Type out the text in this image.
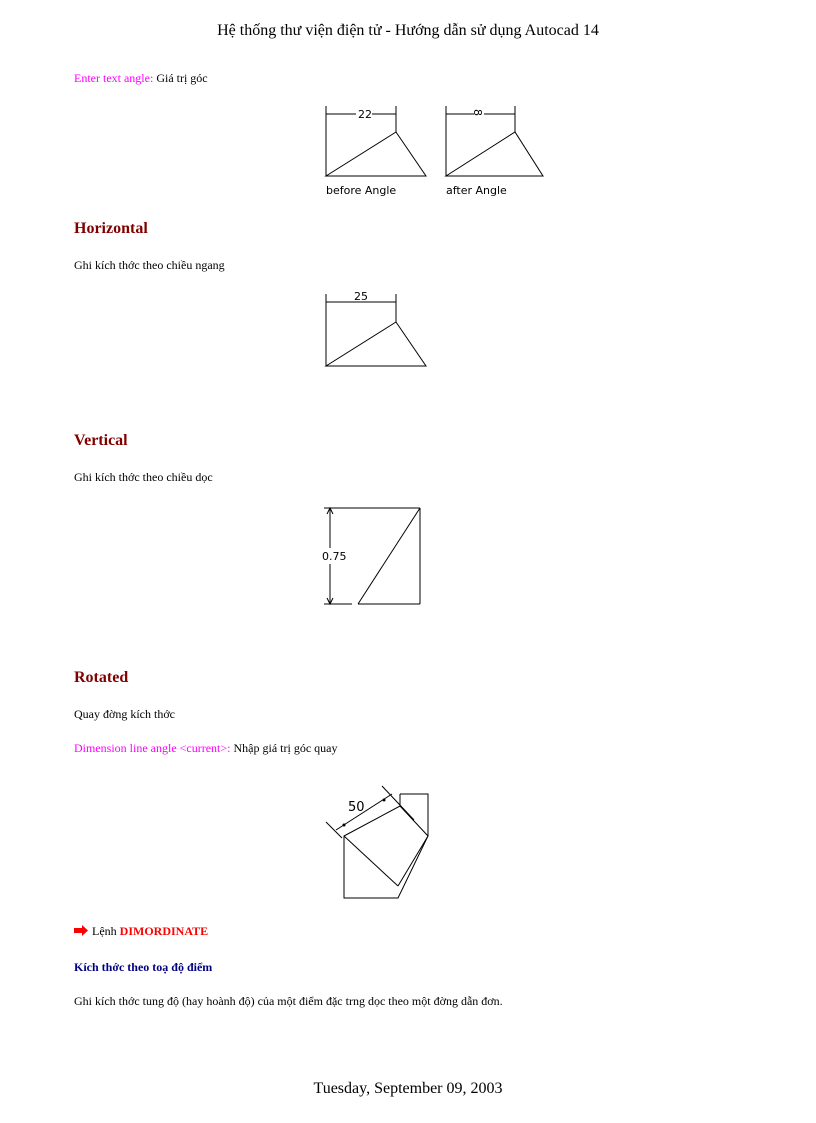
Hệ thống thư viện điện tử - Hướng dẫn sử dụng Autocad 14
Enter text angle: Giá trị góc
22
before Angle
8
after Angle
Horizontal
Ghi kích thớc theo chiều ngang
25
Vertical
Ghi kích thớc theo chiều dọc
0.75
Rotated
Quay đờng kích thớc
Dimension line angle <current>: Nhập giá trị góc quay
50
Lệnh DIMORDINATE
Kích thớc theo toạ độ điểm
Ghi kích thớc tung độ (hay hoành độ) của một điểm đặc trng dọc theo một đờng dẫn đơn.
Tuesday, September 09, 2003
